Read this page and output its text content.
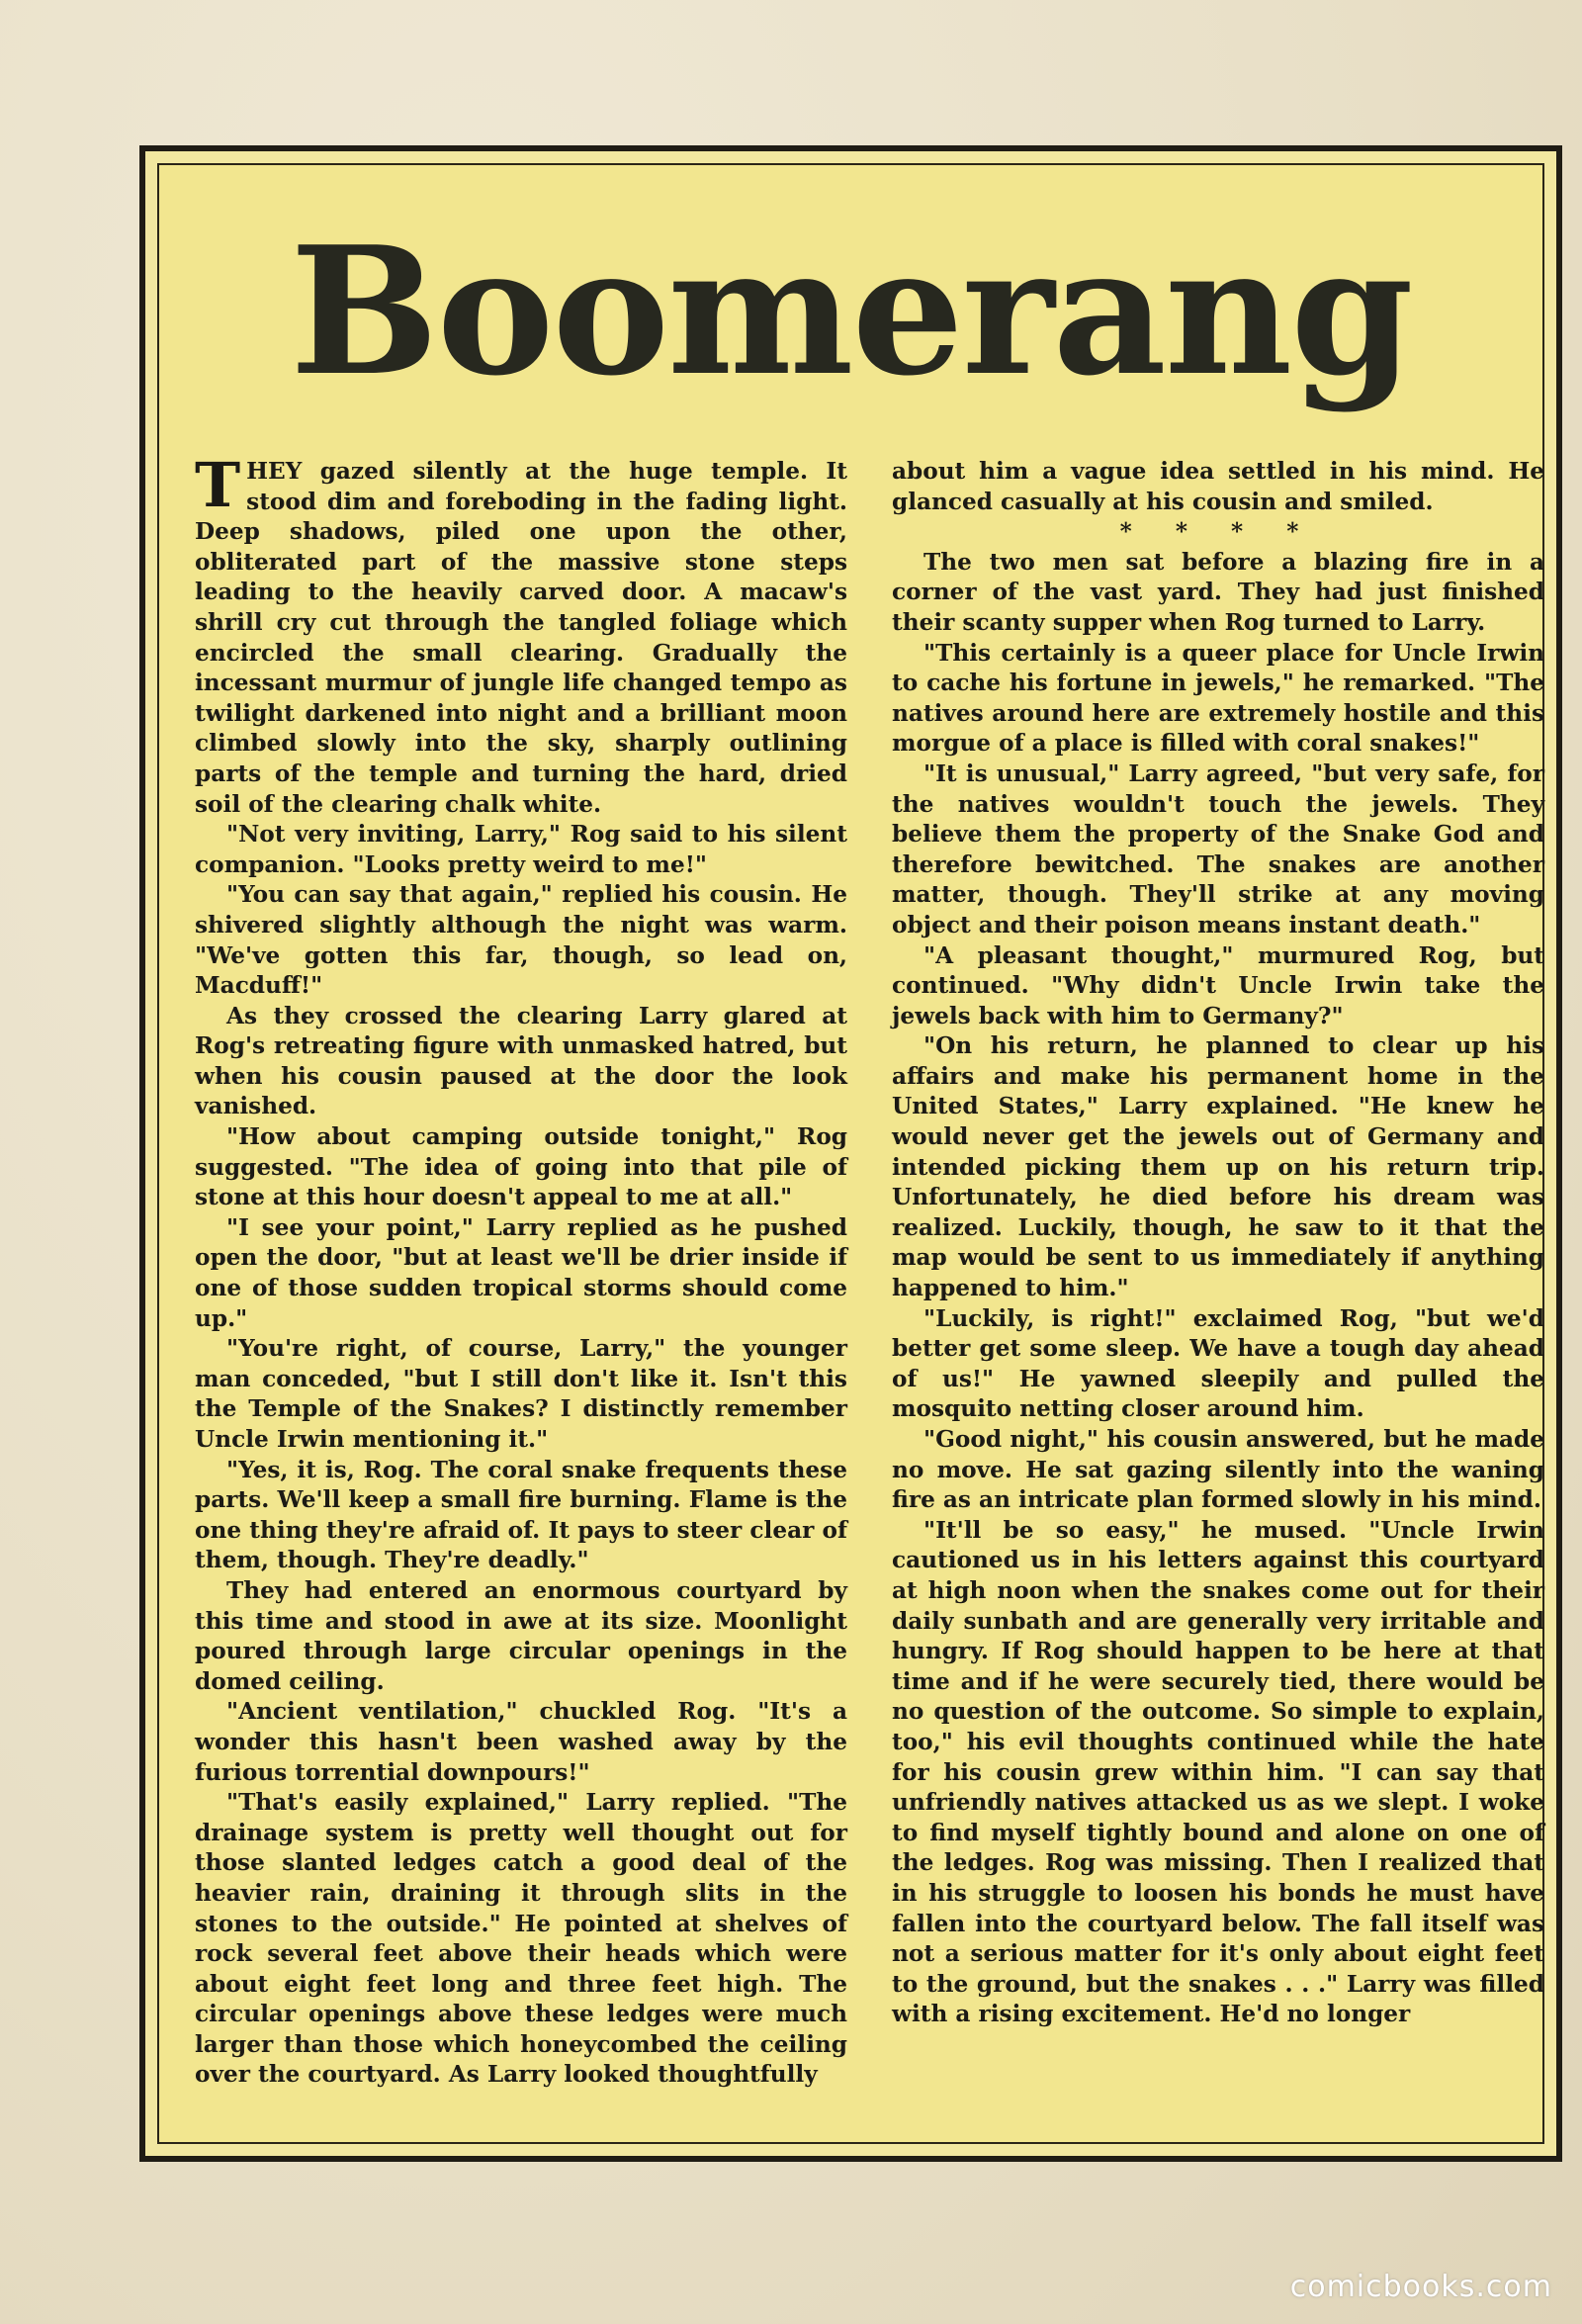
Boomerang

THEY gazed silently at the huge temple. It stood dim and foreboding in the fading light. Deep shadows, piled one upon the other, obliterated part of the massive stone steps leading to the heavily carved door. A macaw's shrill cry cut through the tangled foliage which encircled the small clearing. Gradually the incessant murmur of jungle life changed tempo as twilight darkened into night and a brilliant moon climbed slowly into the sky, sharply outlining parts of the temple and turning the hard, dried soil of the clearing chalk white.

"Not very inviting, Larry," Rog said to his silent companion. "Looks pretty weird to me!"

"You can say that again," replied his cousin. He shivered slightly although the night was warm. "We've gotten this far, though, so lead on, Macduff!"

As they crossed the clearing Larry glared at Rog's retreating figure with unmasked hatred, but when his cousin paused at the door the look vanished.

"How about camping outside tonight," Rog suggested. "The idea of going into that pile of stone at this hour doesn't appeal to me at all."

"I see your point," Larry replied as he pushed open the door, "but at least we'll be drier inside if one of those sudden tropical storms should come up."

"You're right, of course, Larry," the younger man conceded, "but I still don't like it. Isn't this the Temple of the Snakes? I distinctly remember Uncle Irwin mentioning it."

"Yes, it is, Rog. The coral snake frequents these parts. We'll keep a small fire burning. Flame is the one thing they're afraid of. It pays to steer clear of them, though. They're deadly."

They had entered an enormous courtyard by this time and stood in awe at its size. Moonlight poured through large circular openings in the domed ceiling.

"Ancient ventilation," chuckled Rog. "It's a wonder this hasn't been washed away by the furious torrential downpours!"

"That's easily explained," Larry replied. "The drainage system is pretty well thought out for those slanted ledges catch a good deal of the heavier rain, draining it through slits in the stones to the outside." He pointed at shelves of rock several feet above their heads which were about eight feet long and three feet high. The circular openings above these ledges were much larger than those which honeycombed the ceiling over the courtyard. As Larry looked thoughtfully

about him a vague idea settled in his mind. He glanced casually at his cousin and smiled.

* * * *

The two men sat before a blazing fire in a corner of the vast yard. They had just finished their scanty supper when Rog turned to Larry.

"This certainly is a queer place for Uncle Irwin to cache his fortune in jewels," he remarked. "The natives around here are extremely hostile and this morgue of a place is filled with coral snakes!"

"It is unusual," Larry agreed, "but very safe, for the natives wouldn't touch the jewels. They believe them the property of the Snake God and therefore bewitched. The snakes are another matter, though. They'll strike at any moving object and their poison means instant death."

"A pleasant thought," murmured Rog, but continued. "Why didn't Uncle Irwin take the jewels back with him to Germany?"

"On his return, he planned to clear up his affairs and make his permanent home in the United States," Larry explained. "He knew he would never get the jewels out of Germany and intended picking them up on his return trip. Unfortunately, he died before his dream was realized. Luckily, though, he saw to it that the map would be sent to us immediately if anything happened to him."

"Luckily, is right!" exclaimed Rog, "but we'd better get some sleep. We have a tough day ahead of us!" He yawned sleepily and pulled the mosquito netting closer around him.

"Good night," his cousin answered, but he made no move. He sat gazing silently into the waning fire as an intricate plan formed slowly in his mind.

"It'll be so easy," he mused. "Uncle Irwin cautioned us in his letters against this courtyard at high noon when the snakes come out for their daily sunbath and are generally very irritable and hungry. If Rog should happen to be here at that time and if he were securely tied, there would be no question of the outcome. So simple to explain, too," his evil thoughts continued while the hate for his cousin grew within him. "I can say that unfriendly natives attacked us as we slept. I woke to find myself tightly bound and alone on one of the ledges. Rog was missing. Then I realized that in his struggle to loosen his bonds he must have fallen into the courtyard below. The fall itself was not a serious matter for it's only about eight feet to the ground, but the snakes . . ." Larry was filled with a rising excitement. He'd no longer

comicbooks.com
